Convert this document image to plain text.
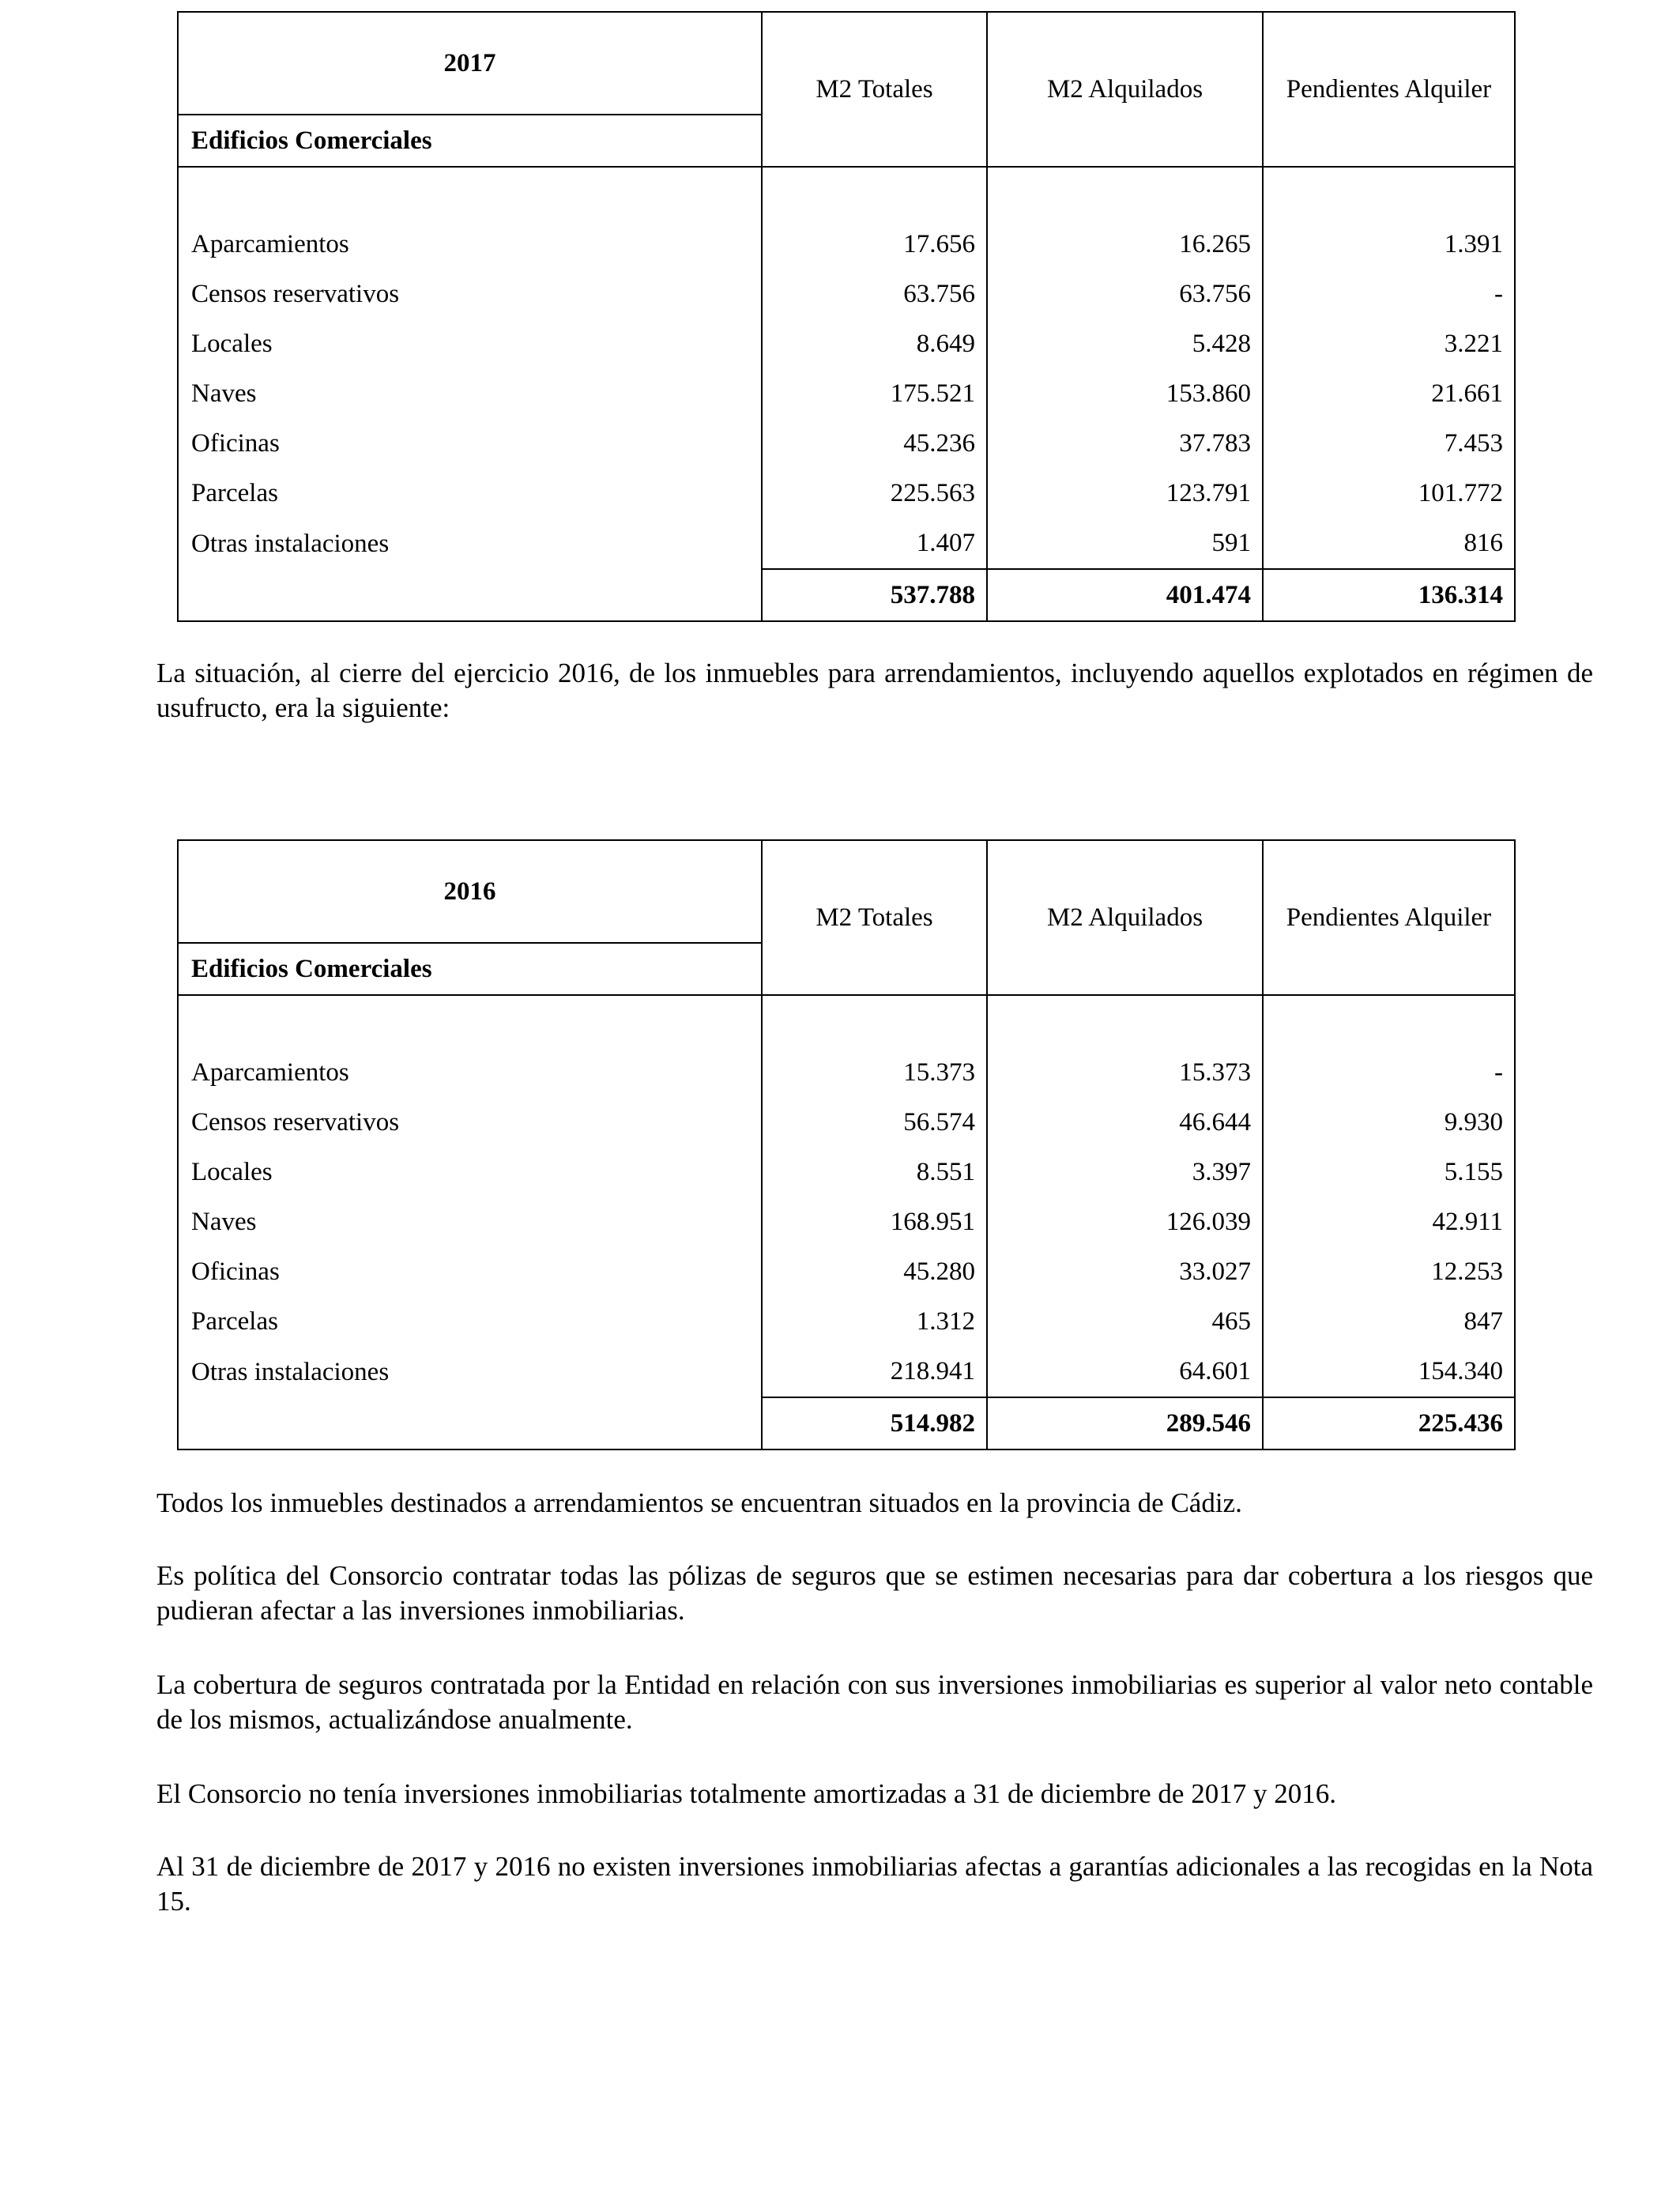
2017	M2 Totales	M2 Alquilados	Pendientes Alquiler
Edificios Comerciales			

Aparcamientos	17.656	16.265	1.391
Censos reservativos	63.756	63.756	-
Locales	8.649	5.428	3.221
Naves	175.521	153.860	21.661
Oficinas	45.236	37.783	7.453
Parcelas	225.563	123.791	101.772
Otras instalaciones	1.407	591	816
	537.788	401.474	136.314

La situación, al cierre del ejercicio 2016, de los inmuebles para arrendamientos, incluyendo aquellos explotados en régimen de usufructo, era la siguiente:

2016	M2 Totales	M2 Alquilados	Pendientes Alquiler
Edificios Comerciales			

Aparcamientos	15.373	15.373	-
Censos reservativos	56.574	46.644	9.930
Locales	8.551	3.397	5.155
Naves	168.951	126.039	42.911
Oficinas	45.280	33.027	12.253
Parcelas	1.312	465	847
Otras instalaciones	218.941	64.601	154.340
	514.982	289.546	225.436

Todos los inmuebles destinados a arrendamientos se encuentran situados en la provincia de Cádiz.

Es política del Consorcio contratar todas las pólizas de seguros que se estimen necesarias para dar cobertura a los riesgos que pudieran afectar a las inversiones inmobiliarias.

La cobertura de seguros contratada por la Entidad en relación con sus inversiones inmobiliarias es superior al valor neto contable de los mismos, actualizándose anualmente.

El Consorcio no tenía inversiones inmobiliarias totalmente amortizadas a 31 de diciembre de 2017 y 2016.

Al 31 de diciembre de 2017 y 2016 no existen inversiones inmobiliarias afectas a garantías adicionales a las recogidas en la Nota 15.
